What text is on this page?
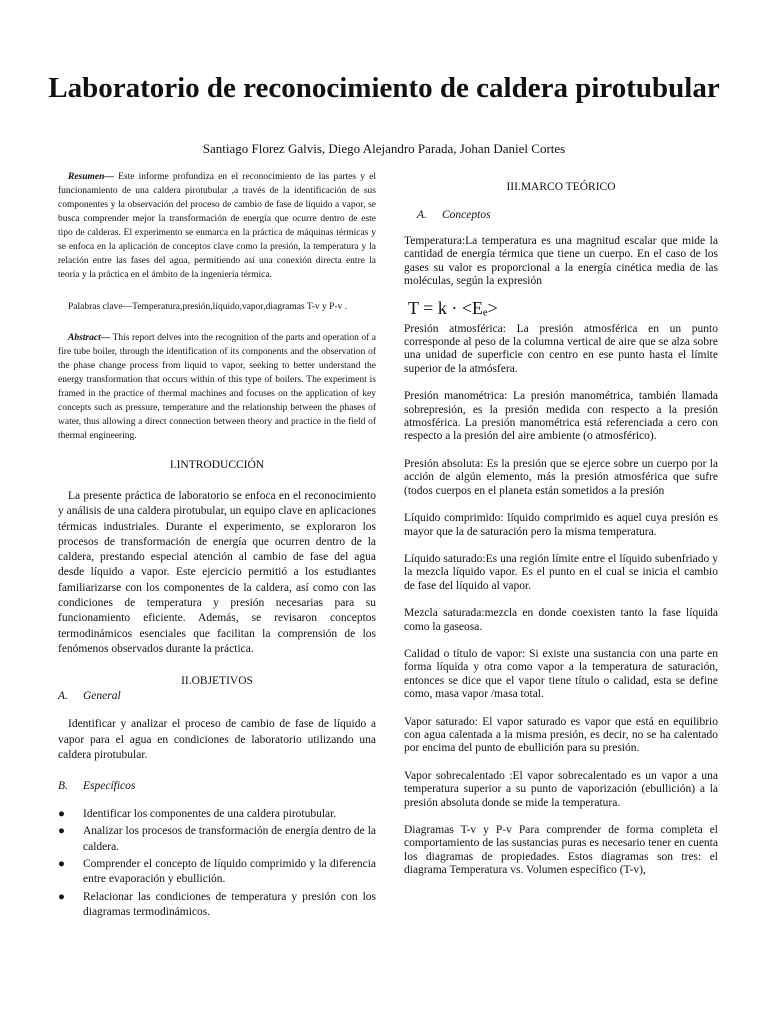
Laboratorio de reconocimiento de caldera pirotubular
Santiago Florez Galvis, Diego Alejandro Parada, Johan Daniel Cortes

Resumen— Este informe profundiza en el reconocimiento de las partes y el funcionamiento de una caldera pirotubular ,a través de la identificación de sus componentes y la observación del proceso de cambio de fase de líquido a vapor, se busca comprender mejor la transformación de energía que ocurre dentro de este tipo de calderas. El experimento se enmarca en la práctica de máquinas térmicas y se enfoca en la aplicación de conceptos clave como la presión, la temperatura y la relación entre las fases del agua, permitiendo así una conexión directa entre la teoría y la práctica en el ámbito de la ingeniería térmica.

Palabras clave—Temperatura,presión,líquido,vapor,diagramas T-v y P-v .

Abstract— This report delves into the recognition of the parts and operation of a fire tube boiler, through the identification of its components and the observation of the phase change process from liquid to vapor, seeking to better understand the energy transformation that occurs within of this type of boilers. The experiment is framed in the practice of thermal machines and focuses on the application of key concepts such as pressure, temperature and the relationship between the phases of water, thus allowing a direct connection between theory and practice in the field of thermal engineering.

I.INTRODUCCIÓN

La presente práctica de laboratorio se enfoca en el reconocimiento y análisis de una caldera pirotubular, un equipo clave en aplicaciones térmicas industriales. Durante el experimento, se exploraron los procesos de transformación de energía que ocurren dentro de la caldera, prestando especial atención al cambio de fase del agua desde líquido a vapor. Este ejercicio permitió a los estudiantes familiarizarse con los componentes de la caldera, así como con las condiciones de temperatura y presión necesarias para su funcionamiento eficiente. Además, se revisaron conceptos termodinámicos esenciales que facilitan la comprensión de los fenómenos observados durante la práctica.

II.OBJETIVOS
A. General

Identificar y analizar el proceso de cambio de fase de líquido a vapor para el agua en condiciones de laboratorio utilizando una caldera pirotubular.

B. Específicos
● Identificar los componentes de una caldera pirotubular.
● Analizar los procesos de transformación de energía dentro de la caldera.
● Comprender el concepto de líquido comprimido y la diferencia entre evaporación y ebullición.
● Relacionar las condiciones de temperatura y presión con los diagramas termodinámicos.
III.MARCO TEÓRICO
A. Conceptos

Temperatura:La temperatura es una magnitud escalar que mide la cantidad de energía térmica que tiene un cuerpo. En el caso de los gases su valor es proporcional a la energía cinética media de las moléculas, según la expresión

T = k · <Eₑ>

Presión atmosférica: La presión atmosférica en un punto corresponde al peso de la columna vertical de aire que se alza sobre una unidad de superficie con centro en ese punto hasta el límite superior de la atmósfera.

Presión manométrica: La presión manométrica, también llamada sobrepresión, es la presión medida con respecto a la presión atmosférica. La presión manométrica está referenciada a cero con respecto a la presión del aire ambiente (o atmosférico).

Presión absoluta: Es la presión que se ejerce sobre un cuerpo por la acción de algún elemento, más la presión atmosférica que sufre (todos cuerpos en el planeta están sometidos a la presión

Líquido comprimido: líquido comprimido es aquel cuya presión es mayor que la de saturación pero la misma temperatura.

Líquido saturado:Es una región límite entre el líquido subenfriado y la mezcla líquido vapor. Es el punto en el cual se inicia el cambio de fase del líquido al vapor.

Mezcla saturada:mezcla en donde coexisten tanto la fase líquida como la gaseosa.

Calidad o título de vapor: Si existe una sustancia con una parte en forma líquida y otra como vapor a la temperatura de saturación, entonces se dice que el vapor tiene título o calidad, esta se define como, masa vapor /masa total.

Vapor saturado: El vapor saturado es vapor que está en equilibrio con agua calentada a la misma presión, es decir, no se ha calentado por encima del punto de ebullición para su presión.

Vapor sobrecalentado :El vapor sobrecalentado es un vapor a una temperatura superior a su punto de vaporización (ebullición) a la presión absoluta donde se mide la temperatura.

Diagramas T-v y P-v Para comprender de forma completa el comportamiento de las sustancias puras es necesario tener en cuenta los diagramas de propiedades. Estos diagramas son tres: el diagrama Temperatura vs. Volumen específico (T-v),
